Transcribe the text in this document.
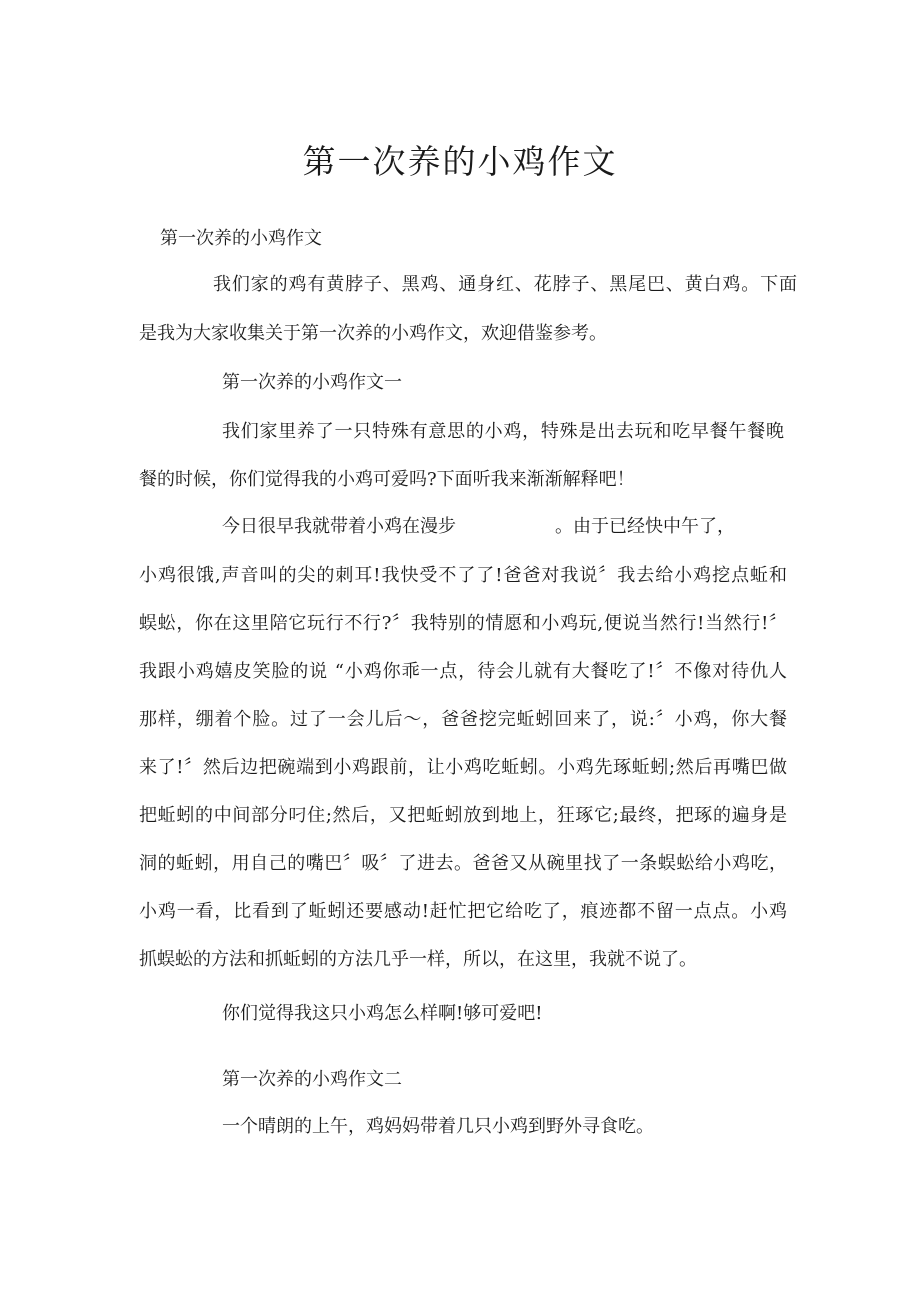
第一次养的小鸡作文

第一次养的小鸡作文

我们家的鸡有黄脖子、黑鸡、通身红、花脖子、黑尾巴、黄白鸡。下面

是我为大家收集关于第一次养的小鸡作文，欢迎借鉴参考。

第一次养的小鸡作文一

我们家里养了一只特殊有意思的小鸡，特殊是出去玩和吃早餐午餐晚

餐的时候，你们觉得我的小鸡可爱吗?下面听我来渐渐解释吧！

今日很早我就带着小鸡在漫步	。由于已经快中午了，

小鸡很饿,声音叫的尖的刺耳!我快受不了了!爸爸对我说〞我去给小鸡挖点蚯和

蜈蚣，你在这里陪它玩行不行?〞我特别的情愿和小鸡玩,便说当然行!当然行!〞

我跟小鸡嬉皮笑脸的说 “小鸡你乖一点，待会儿就有大餐吃了!〞不像对待仇人

那样，绷着个脸。过了一会儿后～，爸爸挖完蚯蚓回来了，说:〞小鸡，你大餐

来了!〞然后边把碗端到小鸡跟前，让小鸡吃蚯蚓。小鸡先琢蚯蚓;然后再嘴巴做

把蚯蚓的中间部分叼住;然后，又把蚯蚓放到地上，狂琢它;最终，把琢的遍身是

洞的蚯蚓，用自己的嘴巴〞吸〞了进去。爸爸又从碗里找了一条蜈蚣给小鸡吃，

小鸡一看，比看到了蚯蚓还要感动!赶忙把它给吃了，痕迹都不留一点点。小鸡

抓蜈蚣的方法和抓蚯蚓的方法几乎一样，所以，在这里，我就不说了。

你们觉得我这只小鸡怎么样啊!够可爱吧!

第一次养的小鸡作文二

一个晴朗的上午，鸡妈妈带着几只小鸡到野外寻食吃。
